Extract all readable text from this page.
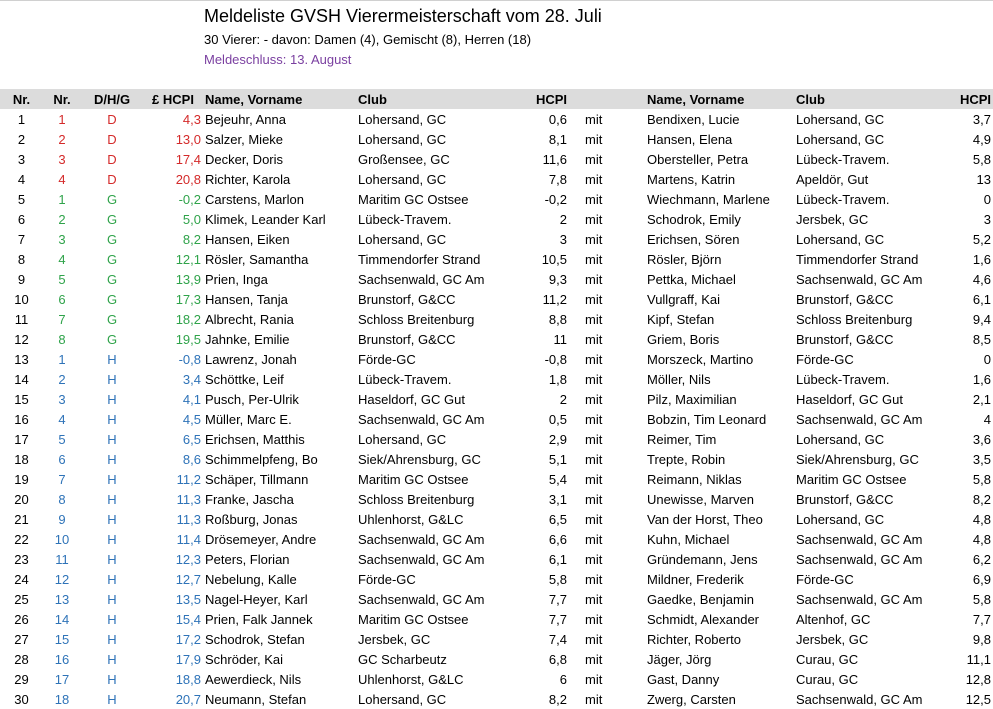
Meldeliste GVSH Vierermeisterschaft vom 28. Juli
30 Vierer: - davon: Damen (4), Gemischt (8), Herren (18)
Meldeschluss: 13. August
Nr.	Nr.	D/H/G	£ HCPI	Name, Vorname	Club	HCPI		Name, Vorname	Club	HCPI
1	1	D	4,3	Bejeuhr, Anna	Lohersand, GC	0,6	mit	Bendixen, Lucie	Lohersand, GC	3,7
2	2	D	13,0	Salzer, Mieke	Lohersand, GC	8,1	mit	Hansen, Elena	Lohersand, GC	4,9
3	3	D	17,4	Decker, Doris	Großensee, GC	11,6	mit	Obersteller, Petra	Lübeck-Travem.	5,8
4	4	D	20,8	Richter, Karola	Lohersand, GC	7,8	mit	Martens, Katrin	Apeldör, Gut	13
5	1	G	-0,2	Carstens, Marlon	Maritim GC Ostsee	-0,2	mit	Wiechmann, Marlene	Lübeck-Travem.	0
6	2	G	5,0	Klimek, Leander Karl	Lübeck-Travem.	2	mit	Schodrok, Emily	Jersbek, GC	3
7	3	G	8,2	Hansen, Eiken	Lohersand, GC	3	mit	Erichsen, Sören	Lohersand, GC	5,2
8	4	G	12,1	Rösler, Samantha	Timmendorfer Strand	10,5	mit	Rösler, Björn	Timmendorfer Strand	1,6
9	5	G	13,9	Prien, Inga	Sachsenwald, GC Am	9,3	mit	Pettka, Michael	Sachsenwald, GC Am	4,6
10	6	G	17,3	Hansen, Tanja	Brunstorf, G&CC	11,2	mit	Vullgraff, Kai	Brunstorf, G&CC	6,1
11	7	G	18,2	Albrecht, Rania	Schloss Breitenburg	8,8	mit	Kipf, Stefan	Schloss Breitenburg	9,4
12	8	G	19,5	Jahnke, Emilie	Brunstorf, G&CC	11	mit	Griem, Boris	Brunstorf, G&CC	8,5
13	1	H	-0,8	Lawrenz, Jonah	Förde-GC	-0,8	mit	Morszeck, Martino	Förde-GC	0
14	2	H	3,4	Schöttke, Leif	Lübeck-Travem.	1,8	mit	Möller, Nils	Lübeck-Travem.	1,6
15	3	H	4,1	Pusch, Per-Ulrik	Haseldorf, GC Gut	2	mit	Pilz, Maximilian	Haseldorf, GC Gut	2,1
16	4	H	4,5	Müller, Marc E.	Sachsenwald, GC Am	0,5	mit	Bobzin, Tim Leonard	Sachsenwald, GC Am	4
17	5	H	6,5	Erichsen, Matthis	Lohersand, GC	2,9	mit	Reimer, Tim	Lohersand, GC	3,6
18	6	H	8,6	Schimmelpfeng, Bo	Siek/Ahrensburg, GC	5,1	mit	Trepte, Robin	Siek/Ahrensburg, GC	3,5
19	7	H	11,2	Schäper, Tillmann	Maritim GC Ostsee	5,4	mit	Reimann, Niklas	Maritim GC Ostsee	5,8
20	8	H	11,3	Franke, Jascha	Schloss Breitenburg	3,1	mit	Unewisse, Marven	Brunstorf, G&CC	8,2
21	9	H	11,3	Roßburg, Jonas	Uhlenhorst, G&LC	6,5	mit	Van der Horst, Theo	Lohersand, GC	4,8
22	10	H	11,4	Drösemeyer, Andre	Sachsenwald, GC Am	6,6	mit	Kuhn, Michael	Sachsenwald, GC Am	4,8
23	11	H	12,3	Peters, Florian	Sachsenwald, GC Am	6,1	mit	Gründemann, Jens	Sachsenwald, GC Am	6,2
24	12	H	12,7	Nebelung, Kalle	Förde-GC	5,8	mit	Mildner, Frederik	Förde-GC	6,9
25	13	H	13,5	Nagel-Heyer, Karl	Sachsenwald, GC Am	7,7	mit	Gaedke, Benjamin	Sachsenwald, GC Am	5,8
26	14	H	15,4	Prien, Falk Jannek	Maritim GC Ostsee	7,7	mit	Schmidt, Alexander	Altenhof, GC	7,7
27	15	H	17,2	Schodrok, Stefan	Jersbek, GC	7,4	mit	Richter, Roberto	Jersbek, GC	9,8
28	16	H	17,9	Schröder, Kai	GC Scharbeutz	6,8	mit	Jäger, Jörg	Curau, GC	11,1
29	17	H	18,8	Aewerdieck, Nils	Uhlenhorst, G&LC	6	mit	Gast, Danny	Curau, GC	12,8
30	18	H	20,7	Neumann, Stefan	Lohersand, GC	8,2	mit	Zwerg, Carsten	Sachsenwald, GC Am	12,5
